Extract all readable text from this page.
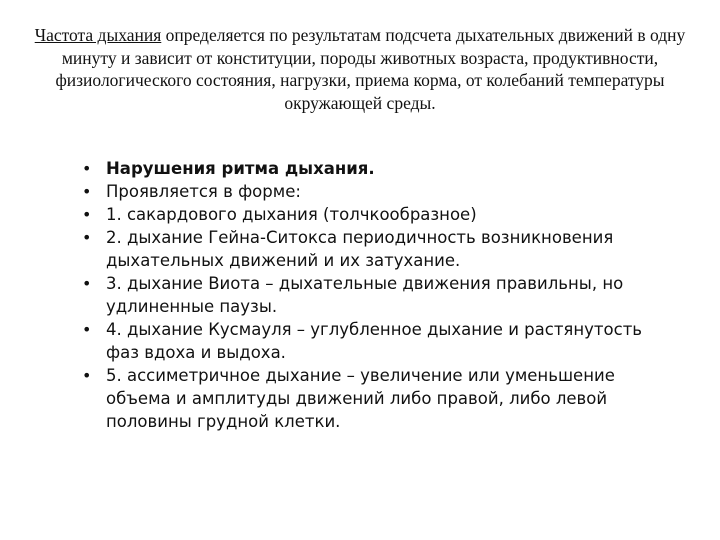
Частота дыхания определяется по результатам подсчета дыхательных движений в одну минуту и зависит от конституции, породы животных возраста, продуктивности, физиологического состояния, нагрузки, приема корма, от колебаний температуры окружающей среды.

• Нарушения ритма дыхания.
• Проявляется в форме:
• 1. сакардового дыхания (толчкообразное)
• 2. дыхание Гейна-Ситокса периодичность возникновения дыхательных движений и их затухание.
• 3. дыхание Виота – дыхательные движения правильны, но удлиненные паузы.
• 4. дыхание Кусмауля – углубленное дыхание и растянутость фаз вдоха и выдоха.
• 5. ассиметричное дыхание – увеличение или уменьшение объема и амплитуды движений либо правой, либо левой половины грудной клетки.
